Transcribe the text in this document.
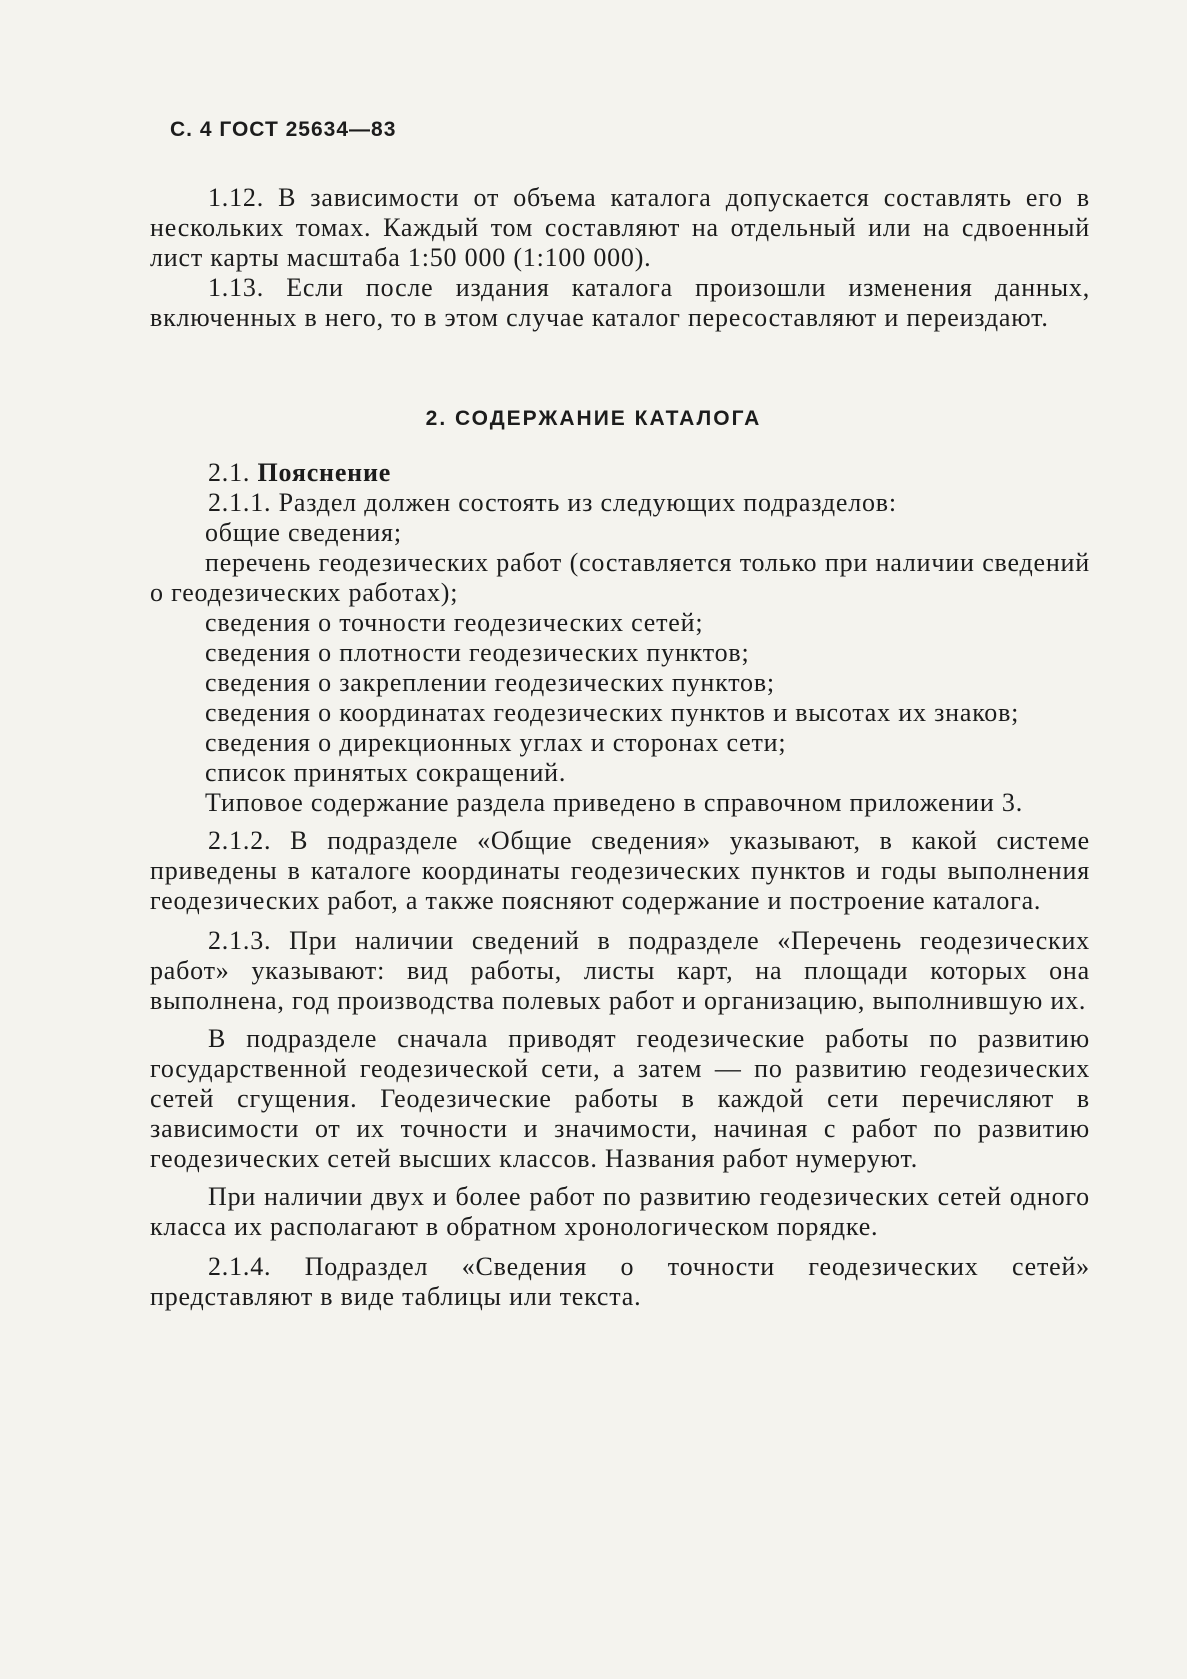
С. 4 ГОСТ 25634—83

1.12. В зависимости от объема каталога допускается составлять его в нескольких томах. Каждый том составляют на отдельный или на сдвоенный лист карты масштаба 1:50 000 (1:100 000).

1.13. Если после издания каталога произошли изменения данных, включенных в него, то в этом случае каталог пересоставляют и переиздают.

2. СОДЕРЖАНИЕ КАТАЛОГА

2.1. Пояснение

2.1.1. Раздел должен состоять из следующих подразделов:

общие сведения;

перечень геодезических работ (составляется только при наличии сведений о геодезических работах);

сведения о точности геодезических сетей;

сведения о плотности геодезических пунктов;

сведения о закреплении геодезических пунктов;

сведения о координатах геодезических пунктов и высотах их знаков;

сведения о дирекционных углах и сторонах сети;

список принятых сокращений.

Типовое содержание раздела приведено в справочном приложении 3.

2.1.2. В подразделе «Общие сведения» указывают, в какой системе приведены в каталоге координаты геодезических пунктов и годы выполнения геодезических работ, а также поясняют содержание и построение каталога.

2.1.3. При наличии сведений в подразделе «Перечень геодезических работ» указывают: вид работы, листы карт, на площади которых она выполнена, год производства полевых работ и организацию, выполнившую их.

В подразделе сначала приводят геодезические работы по развитию государственной геодезической сети, а затем — по развитию геодезических сетей сгущения. Геодезические работы в каждой сети перечисляют в зависимости от их точности и значимости, начиная с работ по развитию геодезических сетей высших классов. Названия работ нумеруют.

При наличии двух и более работ по развитию геодезических сетей одного класса их располагают в обратном хронологическом порядке.

2.1.4. Подраздел «Сведения о точности геодезических сетей» представляют в виде таблицы или текста.
